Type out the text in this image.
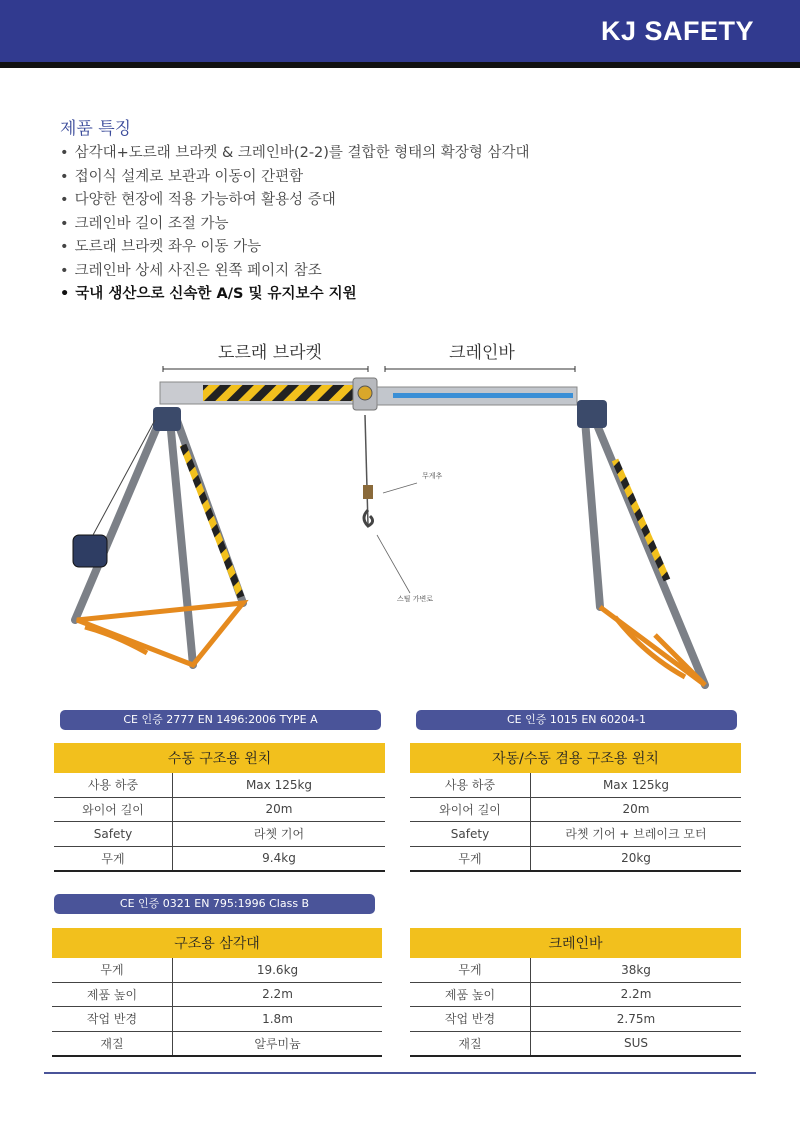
KJ SAFETY
제품 특징
• 삼각대+도르래 브라켓 & 크레인바(2-2)를 결합한 형태의 확장형 삼각대
• 접이식 설계로 보관과 이동이 간편함
• 다양한 현장에 적용 가능하여 활용성 증대
• 크레인바 길이 조절 가능
• 도르래 브라켓 좌우 이동 가능
• 크레인바 상세 사진은 왼쪽 페이지 참조
• 국내 생산으로 신속한 A/S 및 유지보수 지원
도르래 브라켓	크레인바
무게추
스틸 가변로
CE 인증 2777 EN 1496:2006 TYPE A	CE 인증 1015 EN 60204-1
CE 인증 0321 EN 795:1996 Class B
수동 구조용 윈치	
사용 하중	Max 125kg
와이어 길이	20m
Safety	라쳇 기어
무게	9.4kg
자동/수동 겸용 구조용 윈치	
사용 하중	Max 125kg
와이어 길이	20m
Safety	라쳇 기어 + 브레이크 모터
무게	20kg
구조용 삼각대	
무게	19.6kg
제품 높이	2.2m
작업 반경	1.8m
재질	알루미늄
크레인바	
무게	38kg
제품 높이	2.2m
작업 반경	2.75m
재질	SUS
